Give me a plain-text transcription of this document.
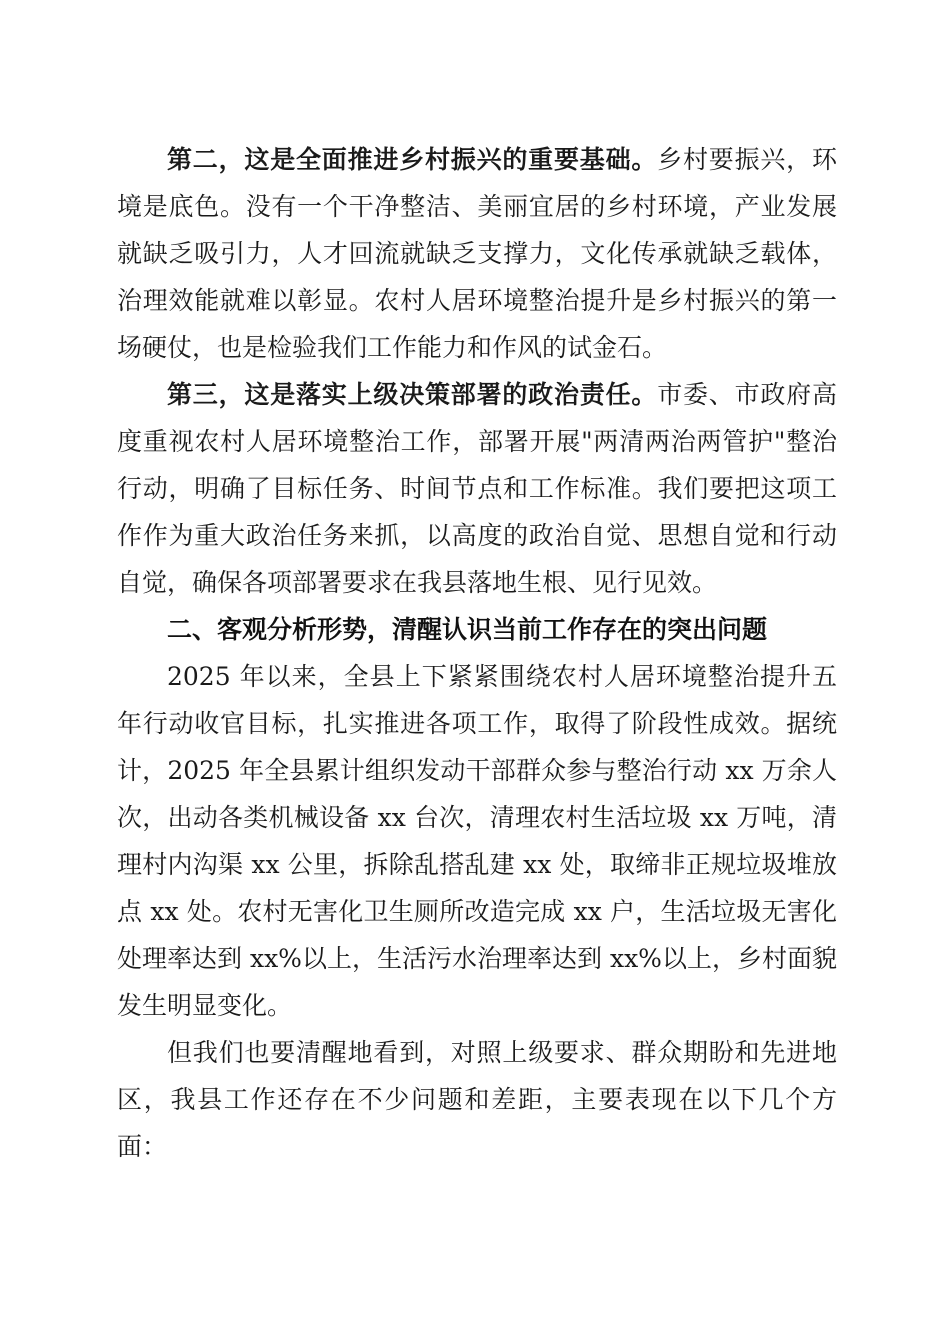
第二，这是全面推进乡村振兴的重要基础。乡村要振兴，环境是底色。没有一个干净整洁、美丽宜居的乡村环境，产业发展就缺乏吸引力，人才回流就缺乏支撑力，文化传承就缺乏载体，治理效能就难以彰显。农村人居环境整治提升是乡村振兴的第一场硬仗，也是检验我们工作能力和作风的试金石。

第三，这是落实上级决策部署的政治责任。市委、市政府高度重视农村人居环境整治工作，部署开展"两清两治两管护"整治行动，明确了目标任务、时间节点和工作标准。我们要把这项工作作为重大政治任务来抓，以高度的政治自觉、思想自觉和行动自觉，确保各项部署要求在我县落地生根、见行见效。

二、客观分析形势，清醒认识当前工作存在的突出问题

2025 年以来，全县上下紧紧围绕农村人居环境整治提升五年行动收官目标，扎实推进各项工作，取得了阶段性成效。据统计，2025 年全县累计组织发动干部群众参与整治行动 xx 万余人次，出动各类机械设备 xx 台次，清理农村生活垃圾 xx 万吨，清理村内沟渠 xx 公里，拆除乱搭乱建 xx 处，取缔非正规垃圾堆放点 xx 处。农村无害化卫生厕所改造完成 xx 户，生活垃圾无害化处理率达到 xx%以上，生活污水治理率达到 xx%以上，乡村面貌发生明显变化。

但我们也要清醒地看到，对照上级要求、群众期盼和先进地区，我县工作还存在不少问题和差距，主要表现在以下几个方面：
